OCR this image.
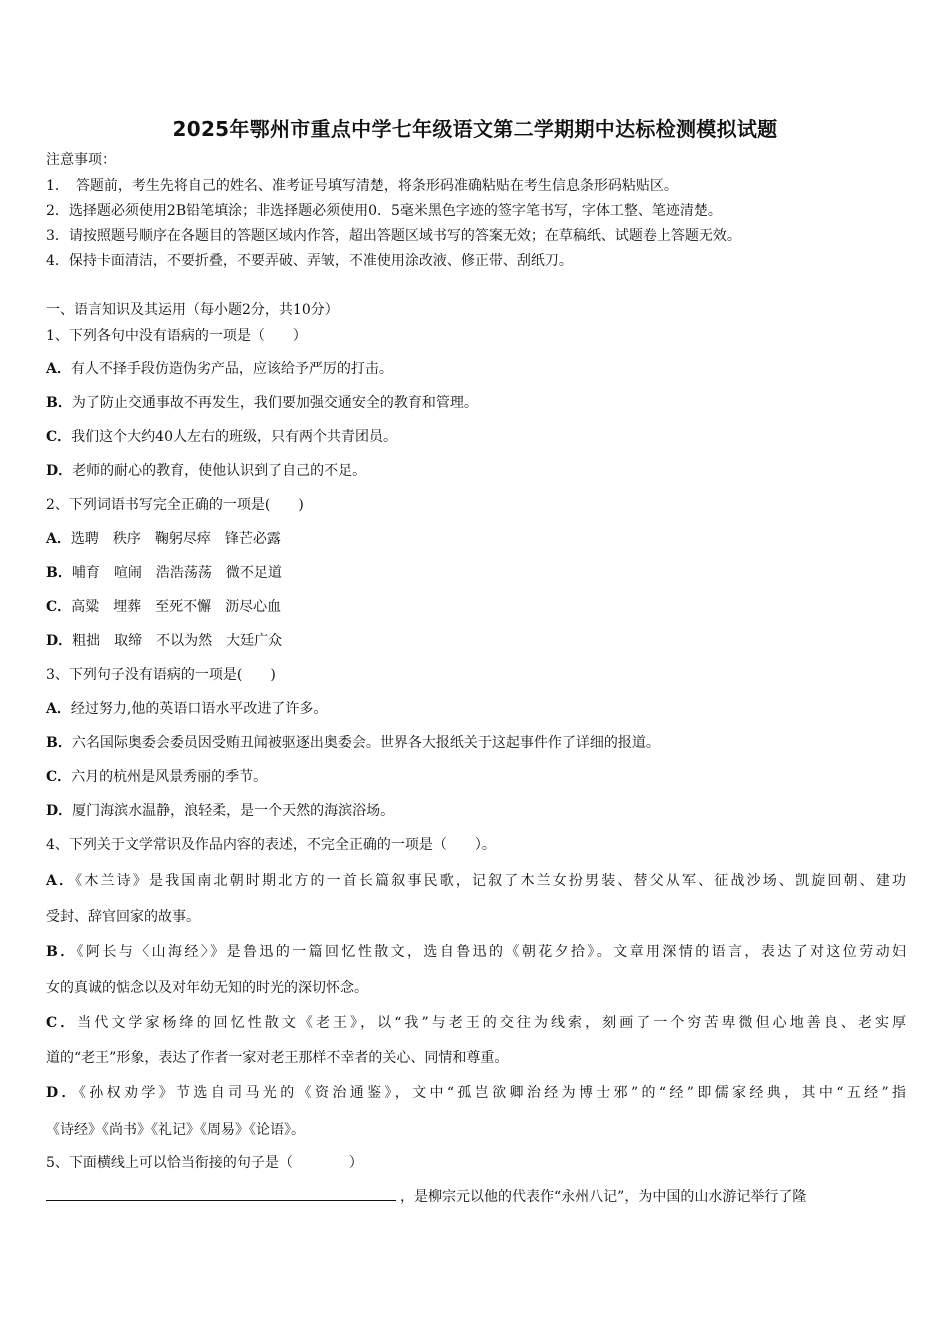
2025年鄂州市重点中学七年级语文第二学期期中达标检测模拟试题
注意事项：
1．　答题前，考生先将自己的姓名、准考证号填写清楚，将条形码准确粘贴在考生信息条形码粘贴区。
2．选择题必须使用2B铅笔填涂；非选择题必须使用0．5毫米黑色字迹的签字笔书写，字体工整、笔迹清楚。
3．请按照题号顺序在各题目的答题区域内作答，超出答题区域书写的答案无效；在草稿纸、试题卷上答题无效。
4．保持卡面清洁，不要折叠，不要弄破、弄皱，不准使用涂改液、修正带、刮纸刀。
一、语言知识及其运用（每小题2分，共10分）
1、下列各句中没有语病的一项是（　　）
A．有人不择手段仿造伪劣产品，应该给予严厉的打击。
B．为了防止交通事故不再发生，我们要加强交通安全的教育和管理。
C．我们这个大约40人左右的班级，只有两个共青团员。
D．老师的耐心的教育，使他认识到了自己的不足。
2、下列词语书写完全正确的一项是(　　)
A．选聘 秩序 鞠躬尽瘁 锋芒必露
B．哺育 喧闹 浩浩荡荡 微不足道
C．高粱 埋葬 至死不懈 沥尽心血
D．粗拙 取缔 不以为然 大廷广众
3、下列句子没有语病的一项是(　　)
A．经过努力,他的英语口语水平改进了许多。
B．六名国际奥委会委员因受贿丑闻被驱逐出奥委会。世界各大报纸关于这起事件作了详细的报道。
C．六月的杭州是风景秀丽的季节。
D．厦门海滨水温静，浪轻柔，是一个天然的海滨浴场。
4、下列关于文学常识及作品内容的表述，不完全正确的一项是（　　）。
A．《木兰诗》是我国南北朝时期北方的一首长篇叙事民歌，记叙了木兰女扮男装、替父从军、征战沙场、凯旋回朝、建功
受封、辞官回家的故事。
B．《阿长与〈山海经〉》是鲁迅的一篇回忆性散文，选自鲁迅的《朝花夕拾》。文章用深情的语言，表达了对这位劳动妇
女的真诚的惦念以及对年幼无知的时光的深切怀念。
C．当代文学家杨绛的回忆性散文《老王》，以“我”与老王的交往为线索，刻画了一个穷苦卑微但心地善良、老实厚
道的“老王”形象，表达了作者一家对老王那样不幸者的关心、同情和尊重。
D．《孙权劝学》节选自司马光的《资治通鉴》，文中“孤岂欲卿治经为博士邪”的“经”即儒家经典，其中“五经”指
《诗经》《尚书》《礼记》《周易》《论语》。
5、下面横线上可以恰当衔接的句子是（　　　　）
，是柳宗元以他的代表作“永州八记”，为中国的山水游记举行了隆
